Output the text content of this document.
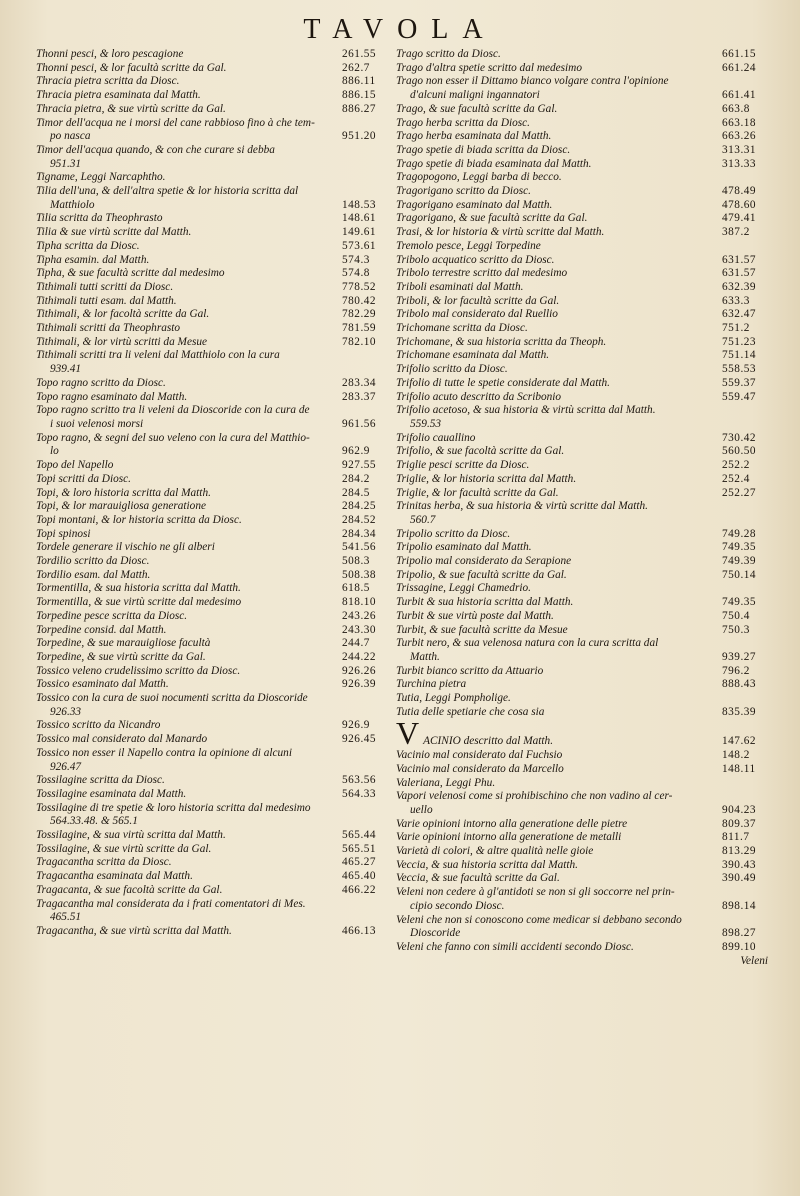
TAVOLA
Thonni pesci, & loro pescagione	261.55
Thonni pesci, & lor facultà scritte da Gal.	262.7
Thracia pietra scritta da Diosc.	886.11
Thracia pietra esaminata dal Matth.	886.15
Thracia pietra, & sue virtù scritte da Gal.	886.27
Timor dell'acqua ne i morsi del cane rabbioso fino à che tem-
po nasca	951.20
Timor dell'acqua quando, & con che curare si debba
951.31
Tigname, Leggi Narcaphtho.
Tilia dell'una, & dell'altra spetie & lor historia scritta dal
Matthiolo	148.53
Tilia scritta da Theophrasto	148.61
Tilia & sue virtù scritte dal Matth.	149.61
Tipha scritta da Diosc.	573.61
Tipha esamin. dal Matth.	574.3
Tipha, & sue facultà scritte dal medesimo	574.8
Tithimali tutti scritti da Diosc.	778.52
Tithimali tutti esam. dal Matth.	780.42
Tithimali, & lor facoltà scritte da Gal.	782.29
Tithimali scritti da Theophrasto	781.59
Tithimali, & lor virtù scritti da Mesue	782.10
Tithimali scritti tra li veleni dal Matthiolo con la cura
939.41
Topo ragno scritto da Diosc.	283.34
Topo ragno esaminato dal Matth.	283.37
Topo ragno scritto tra li veleni da Dioscoride con la cura de
i suoi velenosi morsi	961.56
Topo ragno, & segni del suo veleno con la cura del Matthio-
lo	962.9
Topo del Napello	927.55
Topi scritti da Diosc.	284.2
Topi, & loro historia scritta dal Matth.	284.5
Topi, & lor marauigliosa generatione	284.25
Topi montani, & lor historia scritta da Diosc.	284.52
Topi spinosi	284.34
Tordele generare il vischio ne gli alberi	541.56
Tordilio scritto da Diosc.	508.3
Tordilio esam. dal Matth.	508.38
Tormentilla, & sua historia scritta dal Matth.	618.5
Tormentilla, & sue virtù scritte dal medesimo	818.10
Torpedine pesce scritta da Diosc.	243.26
Torpedine consid. dal Matth.	243.30
Torpedine, & sue marauigliose facultà	244.7
Torpedine, & sue virtù scritte da Gal.	244.22
Tossico veleno crudelissimo scritto da Diosc.	926.26
Tossico esaminato dal Matth.	926.39
Tossico con la cura de suoi nocumenti scritta da Dioscoride
926.33
Tossico scritto da Nicandro	926.9
Tossico mal considerato dal Manardo	926.45
Tossico non esser il Napello contra la opinione di alcuni
926.47
Tossilagine scritta da Diosc.	563.56
Tossilagine esaminata dal Matth.	564.33
Tossilagine di tre spetie & loro historia scritta dal medesimo
564.33.48. & 565.1
Tossilagine, & sua virtù scritta dal Matth.	565.44
Tossilagine, & sue virtù scritte da Gal.	565.51
Tragacantha scritta da Diosc.	465.27
Tragacantha esaminata dal Matth.	465.40
Tragacanta, & sue facoltà scritte da Gal.	466.22
Tragacantha mal considerata da i frati comentatori di Mes.
465.51
Tragacantha, & sue virtù scritta dal Matth.	466.13
Trago scritto da Diosc.	661.15
Trago d'altra spetie scritto dal medesimo	661.24
Trago non esser il Dittamo bianco volgare contra l'opinione
d'alcuni maligni ingannatori	661.41
Trago, & sue facultà scritte da Gal.	663.8
Trago herba scritta da Diosc.	663.18
Trago herba esaminata dal Matth.	663.26
Trago spetie di biada scritta da Diosc.	313.31
Trago spetie di biada esaminata dal Matth.	313.33
Tragopogono, Leggi barba di becco.
Tragorigano scritto da Diosc.	478.49
Tragorigano esaminato dal Matth.	478.60
Tragorigano, & sue facultà scritte da Gal.	479.41
Trasi, & lor historia & virtù scritte dal Matth.	387.2
Tremolo pesce, Leggi Torpedine
Tribolo acquatico scritto da Diosc.	631.57
Tribolo terrestre scritto dal medesimo	631.57
Triboli esaminati dal Matth.	632.39
Triboli, & lor facultà scritte da Gal.	633.3
Tribolo mal considerato dal Ruellio	632.47
Trichomane scritta da Diosc.	751.2
Trichomane, & sua historia scritta da Theoph.	751.23
Trichomane esaminata dal Matth.	751.14
Trifolio scritto da Diosc.	558.53
Trifolio di tutte le spetie considerate dal Matth.	559.37
Trifolio acuto descritto da Scribonio	559.47
Trifolio acetoso, & sua historia & virtù scritta dal Matth.
559.53
Trifolio cauallino	730.42
Trifolio, & sue facoltà scritte da Gal.	560.50
Triglie pesci scritte da Diosc.	252.2
Triglie, & lor historia scritta dal Matth.	252.4
Triglie, & lor facultà scritte da Gal.	252.27
Trinitas herba, & sua historia & virtù scritte dal Matth.
560.7
Tripolio scritto da Diosc.	749.28
Tripolio esaminato dal Matth.	749.35
Tripolio mal considerato da Serapione	749.39
Tripolio, & sue facultà scritte da Gal.	750.14
Trissagine, Leggi Chamedrio.
Turbit & sua historia scritta dal Matth.	749.35
Turbit & sue virtù poste dal Matth.	750.4
Turbit, & sue facultà scritte da Mesue	750.3
Turbit nero, & sua velenosa natura con la cura scritta dal
Matth.	939.27
Turbit bianco scritto da Attuario	796.2
Turchina pietra	888.43
Tutia, Leggi Pompholige.
Tutia delle spetiarie che cosa sia	835.39
V ACINIO descritto dal Matth.	147.62
Vacinio mal considerato dal Fuchsio	148.2
Vacinio mal considerato da Marcello	148.11
Valeriana, Leggi Phu.
Vapori velenosi come si prohibischino che non vadino al cer-
uello	904.23
Varie opinioni intorno alla generatione delle pietre	809.37
Varie opinioni intorno alla generatione de metalli	811.7
Varietà di colori, & altre qualità nelle gioie	813.29
Veccia, & sua historia scritta dal Matth.	390.43
Veccia, & sue facultà scritte da Gal.	390.49
Veleni non cedere à gl'antidoti se non si gli soccorre nel prin-
cipio secondo Diosc.	898.14
Veleni che non si conoscono come medicar si debbano secondo
Dioscoride	898.27
Veleni che fanno con simili accidenti secondo Diosc.	899.10
Veleni
